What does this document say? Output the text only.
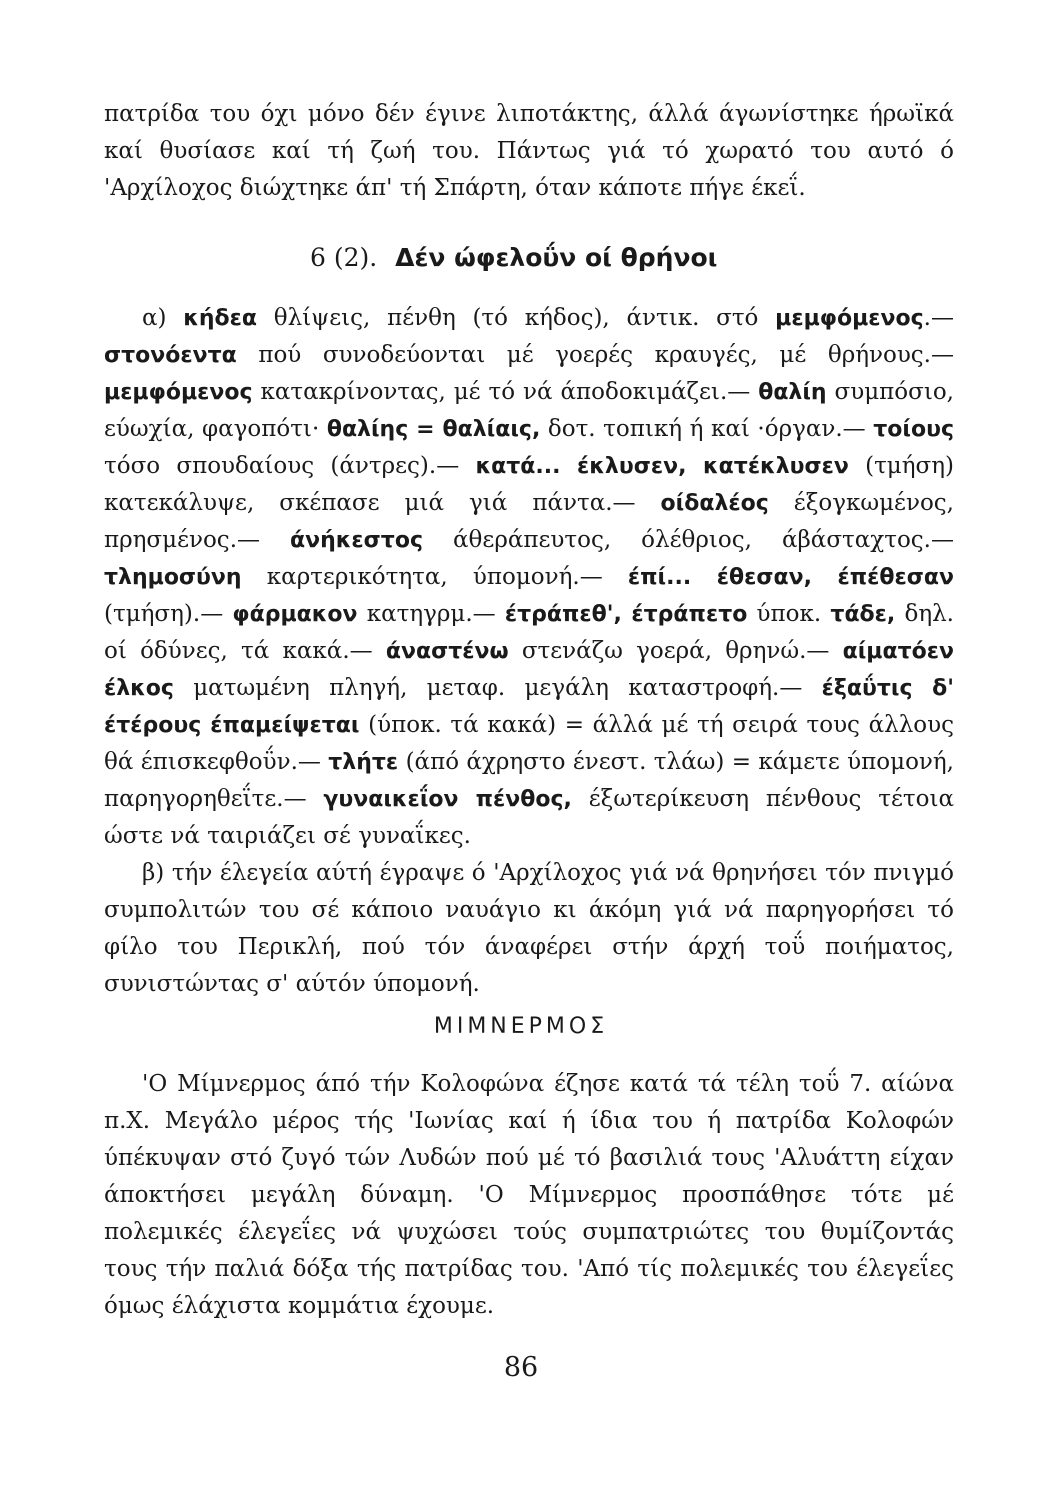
πατρίδα του όχι μόνο δέν έγινε λιποτάκτης, άλλά άγωνίστηκε ήρωϊκά καί θυσίασε καί τή ζωή του. Πάντως γιά τό χωρατό του αυτό ό 'Αρχίλοχος διώχτηκε άπ' τή Σπάρτη, όταν κάποτε πήγε έκεΐ.

6 (2). Δέν ώφελοΰν οί θρήνοι

α) κήδεα θλίψεις, πένθη (τό κήδος), άντικ. στό μεμφόμενος.— στονόεντα πού συνοδεύονται μέ γοερές κραυγές, μέ θρήνους.— μεμφόμενος κατακρίνοντας, μέ τό νά άποδοκιμάζει.— θαλίη συμπόσιο, εύωχία, φαγοπότι· θαλίης = θαλίαις, δοτ. τοπική ή καί ·όργαν.— τοίους τόσο σπουδαίους (άντρες).— κατά... έκλυσεν, κατέκλυσεν (τμήση) κατεκάλυψε, σκέπασε μιά γιά πάντα.— οίδαλέος έξογκωμένος, πρησμένος.— άνήκεστος άθεράπευτος, όλέθριος, άβάσταχτος.— τλημοσύνη καρτερικότητα, ύπομονή.— έπί... έθεσαν, έπέθεσαν (τμήση).— φάρμακον κατηγρμ.— έτράπεθ', έτράπετο ύποκ. τάδε, δηλ. οί όδύνες, τά κακά.— άναστένω στενάζω γοερά, θρηνώ.— αίματόεν έλκος ματωμένη πληγή, μεταφ. μεγάλη καταστροφή.— έξαΰτις δ' έτέρους έπαμείψεται (ύποκ. τά κακά) = άλλά μέ τή σειρά τους άλλους θά έπισκεφθοΰν.— τλήτε (άπό άχρηστο ένεστ. τλάω) = κάμετε ύπομονή, παρηγορηθεΐτε.— γυναικεΐον πένθος, έξωτερίκευση πένθους τέτοια ώστε νά ταιριάζει σέ γυναΐκες.

β) τήν έλεγεία αύτή έγραψε ό 'Αρχίλοχος γιά νά θρηνήσει τόν πνιγμό συμπολιτών του σέ κάποιο ναυάγιο κι άκόμη γιά νά παρηγορήσει τό φίλο του Περικλή, πού τόν άναφέρει στήν άρχή τοΰ ποιήματος, συνιστώντας σ' αύτόν ύπομονή.

ΜΙΜΝΕΡΜΟΣ

'Ο Μίμνερμος άπό τήν Κολοφώνα έζησε κατά τά τέλη τοΰ 7. αίώνα π.Χ. Μεγάλο μέρος τής 'Ιωνίας καί ή ίδια του ή πατρίδα Κολοφών ύπέκυψαν στό ζυγό τών Λυδών πού μέ τό βασιλιά τους 'Αλυάττη είχαν άποκτήσει μεγάλη δύναμη. 'Ο Μίμνερμος προσπάθησε τότε μέ πολεμικές έλεγεΐες νά ψυχώσει τούς συμπατριώτες του θυμίζοντάς τους τήν παλιά δόξα τής πατρίδας του. 'Από τίς πολεμικές του έλεγεΐες όμως έλάχιστα κομμάτια έχουμε.

86
